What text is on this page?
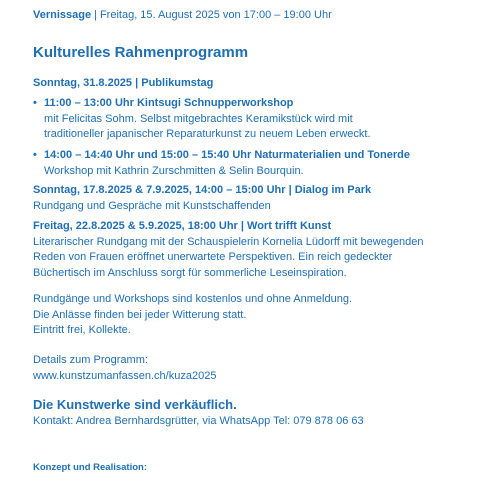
Vernissage | Freitag, 15. August 2025 von 17:00 – 19:00 Uhr
Kulturelles Rahmenprogramm
Sonntag, 31.8.2025 | Publikumstag
• 11:00 – 13:00 Uhr Kintsugi Schnupperworkshop
mit Felicitas Sohm. Selbst mitgebrachtes Keramikstück wird mit
traditioneller japanischer Reparaturkunst zu neuem Leben erweckt.
• 14:00 – 14:40 Uhr und 15:00 – 15:40 Uhr Naturmaterialien und Tonerde
Workshop mit Kathrin Zurschmitten & Selin Bourquin.
Sonntag, 17.8.2025 & 7.9.2025, 14:00 – 15:00 Uhr | Dialog im Park
Rundgang und Gespräche mit Kunstschaffenden
Freitag, 22.8.2025 & 5.9.2025, 18:00 Uhr | Wort trifft Kunst
Literarischer Rundgang mit der Schauspielerin Kornelia Lüdorff mit bewegenden
Reden von Frauen eröffnet unerwartete Perspektiven. Ein reich gedeckter
Büchertisch im Anschluss sorgt für sommerliche Leseinspiration.
Rundgänge und Workshops sind kostenlos und ohne Anmeldung.
Die Anlässe finden bei jeder Witterung statt.
Eintritt frei, Kollekte.
Details zum Programm:
www.kunstzumanfassen.ch/kuza2025
Die Kunstwerke sind verkäuflich.
Kontakt: Andrea Bernhardsgrütter, via WhatsApp Tel: 079 878 06 63
Konzept und Realisation:
